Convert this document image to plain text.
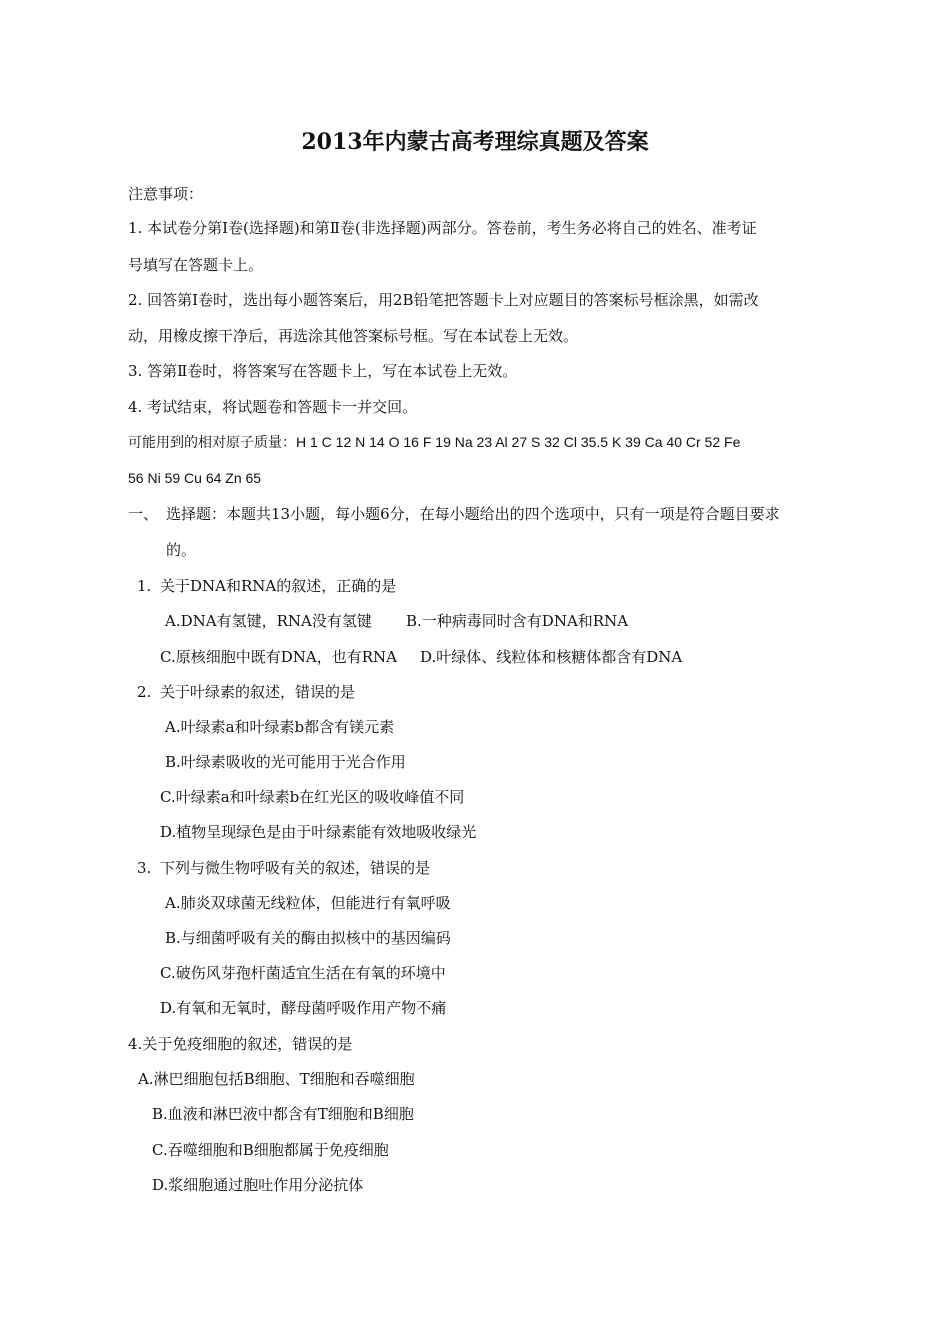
2013年内蒙古高考理综真题及答案
注意事项：
1. 本试卷分第Ⅰ卷(选择题)和第Ⅱ卷(非选择题)两部分。答卷前，考生务必将自己的姓名、准考证
号填写在答题卡上。
2. 回答第Ⅰ卷时，选出每小题答案后，用2B铅笔把答题卡上对应题目的答案标号框涂黑，如需改
动，用橡皮擦干净后，再选涂其他答案标号框。写在本试卷上无效。
3. 答第Ⅱ卷时，将答案写在答题卡上，写在本试卷上无效。
4. 考试结束，将试题卷和答题卡一并交回。
可能用到的相对原子质量：H 1 C 12 N 14 O 16 F 19 Na 23 Al 27 S 32 Cl 35.5 K 39 Ca 40 Cr 52 Fe
56 Ni 59 Cu 64 Zn 65
一、 选择题：本题共13小题，每小题6分，在每小题给出的四个选项中，只有一项是符合题目要求
的。
1. 关于DNA和RNA的叙述，正确的是
A.DNA有氢键，RNA没有氢键 B.一种病毒同时含有DNA和RNA
C.原核细胞中既有DNA，也有RNA D.叶绿体、线粒体和核糖体都含有DNA
2. 关于叶绿素的叙述，错误的是
A.叶绿素a和叶绿素b都含有镁元素
B.叶绿素吸收的光可能用于光合作用
C.叶绿素a和叶绿素b在红光区的吸收峰值不同
D.植物呈现绿色是由于叶绿素能有效地吸收绿光
3. 下列与微生物呼吸有关的叙述，错误的是
A.肺炎双球菌无线粒体，但能进行有氧呼吸
B.与细菌呼吸有关的酶由拟核中的基因编码
C.破伤风芽孢杆菌适宜生活在有氧的环境中
D.有氧和无氧时，酵母菌呼吸作用产物不痛
4.关于免疫细胞的叙述，错误的是
A.淋巴细胞包括B细胞、T细胞和吞噬细胞
B.血液和淋巴液中都含有T细胞和B细胞
C.吞噬细胞和B细胞都属于免疫细胞
D.浆细胞通过胞吐作用分泌抗体
